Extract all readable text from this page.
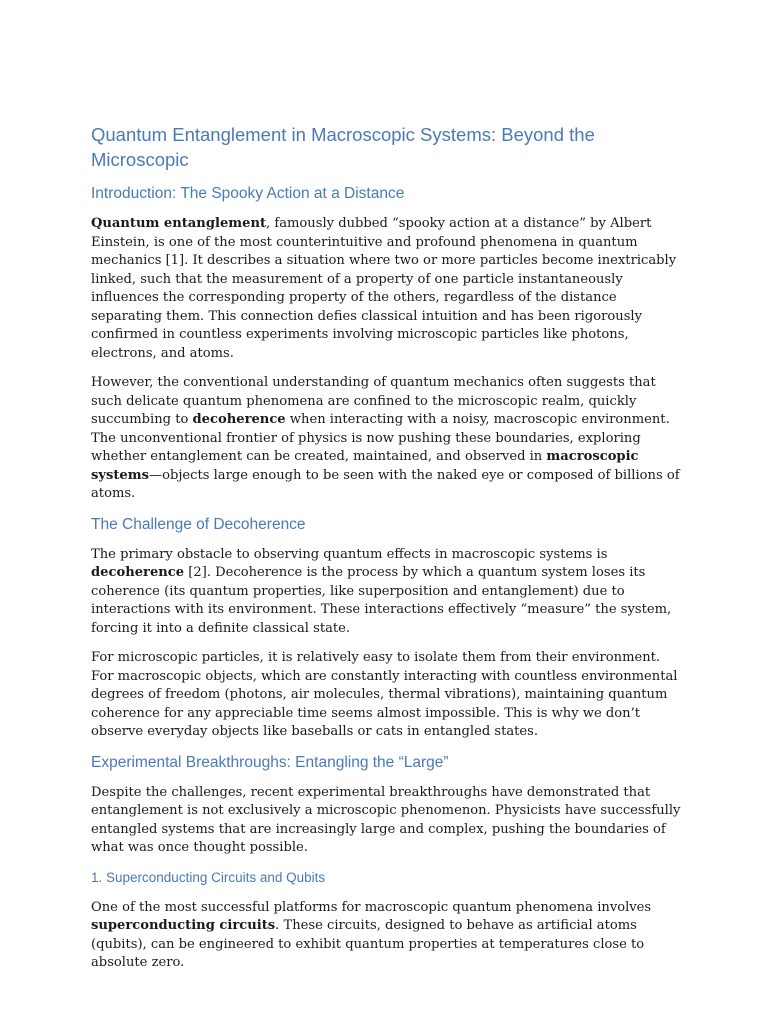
Quantum Entanglement in Macroscopic Systems: Beyond the Microscopic
Introduction: The Spooky Action at a Distance

Quantum entanglement, famously dubbed “spooky action at a distance” by Albert Einstein, is one of the most counterintuitive and profound phenomena in quantum mechanics [1]. It describes a situation where two or more particles become inextricably linked, such that the measurement of a property of one particle instantaneously influences the corresponding property of the others, regardless of the distance separating them. This connection defies classical intuition and has been rigorously confirmed in countless experiments involving microscopic particles like photons, electrons, and atoms.

However, the conventional understanding of quantum mechanics often suggests that such delicate quantum phenomena are confined to the microscopic realm, quickly succumbing to decoherence when interacting with a noisy, macroscopic environment. The unconventional frontier of physics is now pushing these boundaries, exploring whether entanglement can be created, maintained, and observed in macroscopic systems—objects large enough to be seen with the naked eye or composed of billions of atoms.

The Challenge of Decoherence

The primary obstacle to observing quantum effects in macroscopic systems is decoherence [2]. Decoherence is the process by which a quantum system loses its coherence (its quantum properties, like superposition and entanglement) due to interactions with its environment. These interactions effectively “measure” the system, forcing it into a definite classical state.

For microscopic particles, it is relatively easy to isolate them from their environment. For macroscopic objects, which are constantly interacting with countless environmental degrees of freedom (photons, air molecules, thermal vibrations), maintaining quantum coherence for any appreciable time seems almost impossible. This is why we don’t observe everyday objects like baseballs or cats in entangled states.

Experimental Breakthroughs: Entangling the “Large”

Despite the challenges, recent experimental breakthroughs have demonstrated that entanglement is not exclusively a microscopic phenomenon. Physicists have successfully entangled systems that are increasingly large and complex, pushing the boundaries of what was once thought possible.

1. Superconducting Circuits and Qubits

One of the most successful platforms for macroscopic quantum phenomena involves superconducting circuits. These circuits, designed to behave as artificial atoms (qubits), can be engineered to exhibit quantum properties at temperatures close to absolute zero.
